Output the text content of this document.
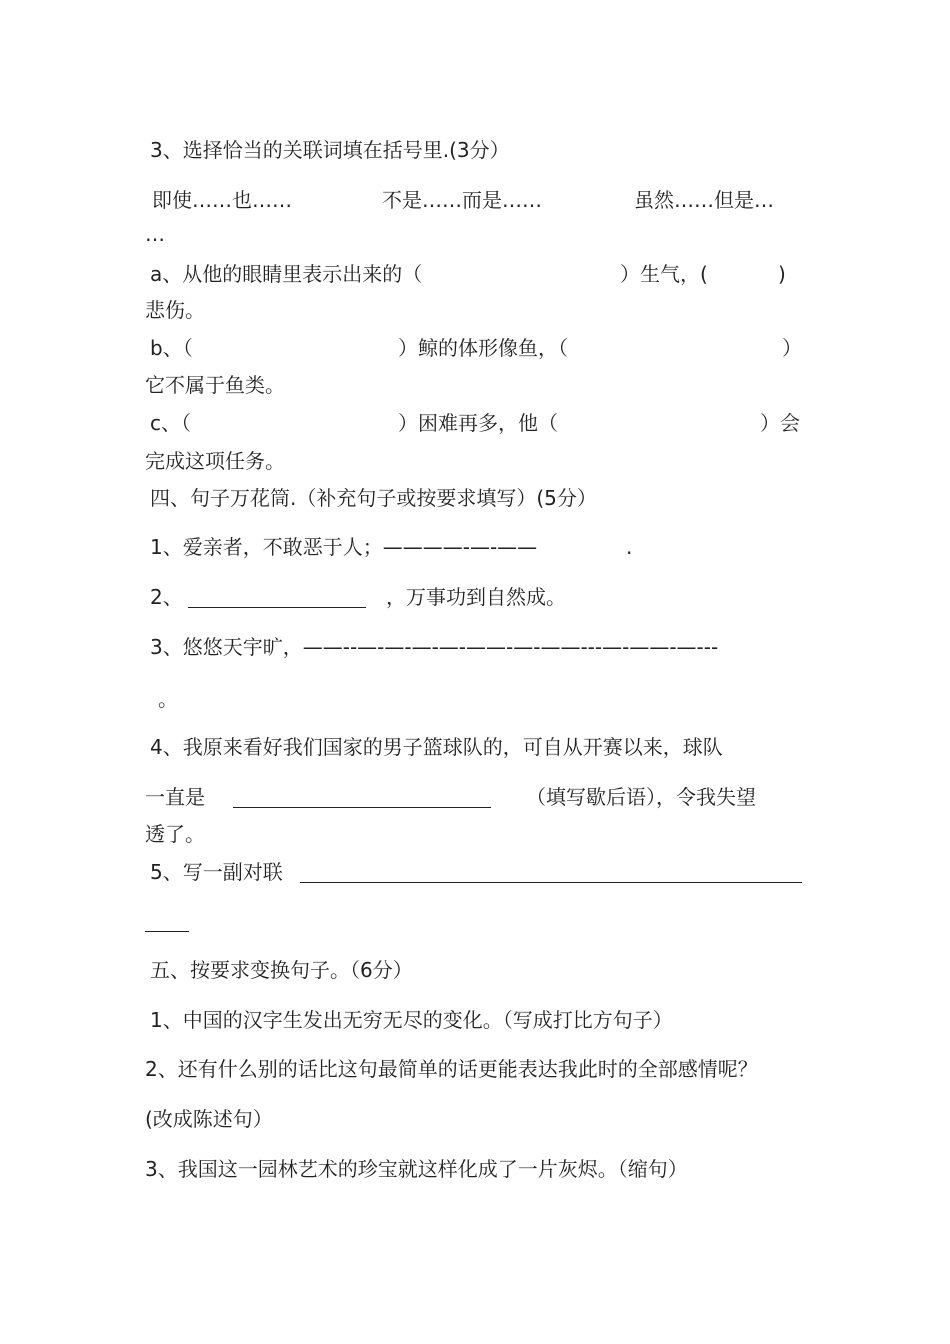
3、选择恰当的关联词填在括号里.(3分）
即使……也……	不是……而是……	虽然……但是…
…
a、从他的眼睛里表示出来的（	）生气，(	)
悲伤。
b、（	）鲸的体形像鱼，（	）
它不属于鱼类。
c、（	）困难再多，他（	）会
完成这项任务。
四、句子万花筒.（补充句子或按要求填写）(5分）
1、爱亲者，不敢恶于人；————-—-——	.
2、	，万事功到自然成。
3、悠悠天宇旷，——--—-—-—-—-——-—-——---—-——-—---
。
4、我原来看好我们国家的男子篮球队的，可自从开赛以来，球队
一直是	（填写歇后语），令我失望
透了。
5、写一副对联
五、按要求变换句子。（6分）
1、中国的汉字生发出无穷无尽的变化。（写成打比方句子）
2、还有什么别的话比这句最简单的话更能表达我此时的全部感情呢？
(改成陈述句）
3、我国这一园林艺术的珍宝就这样化成了一片灰烬。（缩句）
